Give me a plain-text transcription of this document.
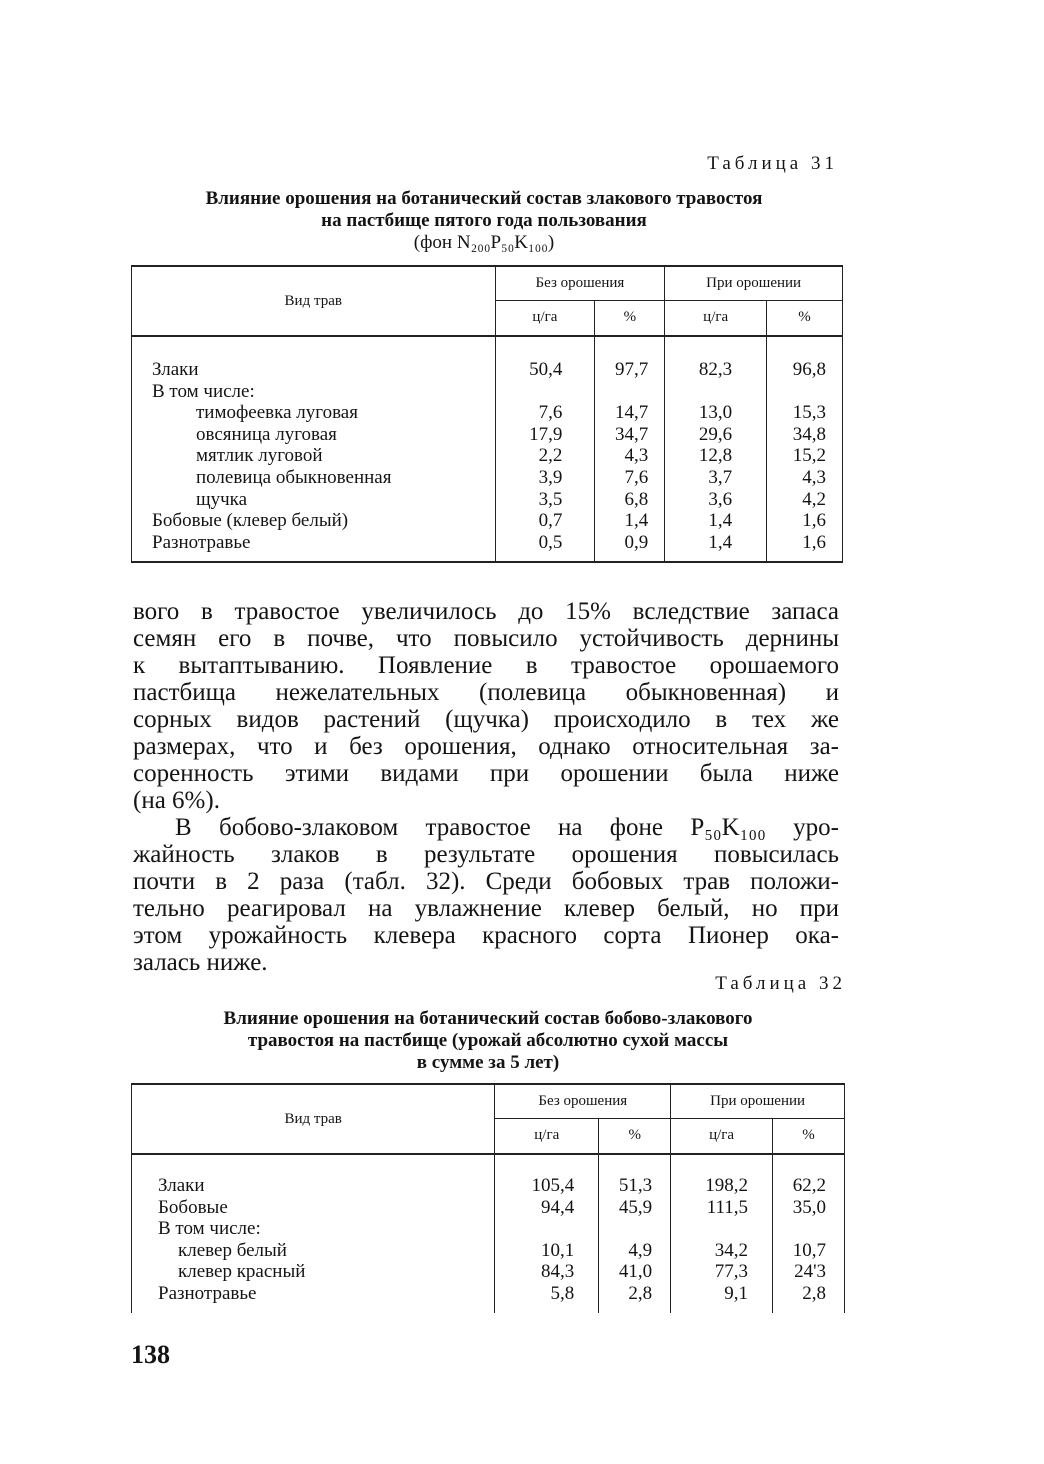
Таблица 31
Влияние орошения на ботанический состав злакового травостоя
на пастбище пятого года пользования
(фон N₂₀₀P₅₀K₁₀₀)
Вид трав	Без орошения		При орошении	
	ц/га	%	ц/га	%

Злаки	50,4	97,7	82,3	96,8
В том числе:				
тимофеевка луговая	7,6	14,7	13,0	15,3
овсяница луговая	17,9	34,7	29,6	34,8
мятлик луговой	2,2	4,3	12,8	15,2
полевица обыкновенная	3,9	7,6	3,7	4,3
щучка	3,5	6,8	3,6	4,2
Бобовые (клевер белый)	0,7	1,4	1,4	1,6
Разнотравье	0,5	0,9	1,4	1,6

вого в травостое увеличилось до 15% вследствие запаса
семян его в почве, что повысило устойчивость дернины
к вытаптыванию. Появление в травостое орошаемого
пастбища нежелательных (полевица обыкновенная) и
сорных видов растений (щучка) происходило в тех же
размерах, что и без орошения, однако относительная за-
соренность этими видами при орошении была ниже
(на 6%).
В бобово-злаковом травостое на фоне P₅₀K₁₀₀ уро-
жайность злаков в результате орошения повысилась
почти в 2 раза (табл. 32). Среди бобовых трав положи-
тельно реагировал на увлажнение клевер белый, но при
этом урожайность клевера красного сорта Пионер ока-
залась ниже.
Таблица 32
Влияние орошения на ботанический состав бобово-злакового
травостоя на пастбище (урожай абсолютно сухой массы
в сумме за 5 лет)
Вид трав	Без орошения		При орошении	
	ц/га	%	ц/га	%

Злаки	105,4	51,3	198,2	62,2
Бобовые	94,4	45,9	111,5	35,0
В том числе:				
клевер белый	10,1	4,9	34,2	10,7
клевер красный	84,3	41,0	77,3	24'3
Разнотравье	5,8	2,8	9,1	2,8

138
